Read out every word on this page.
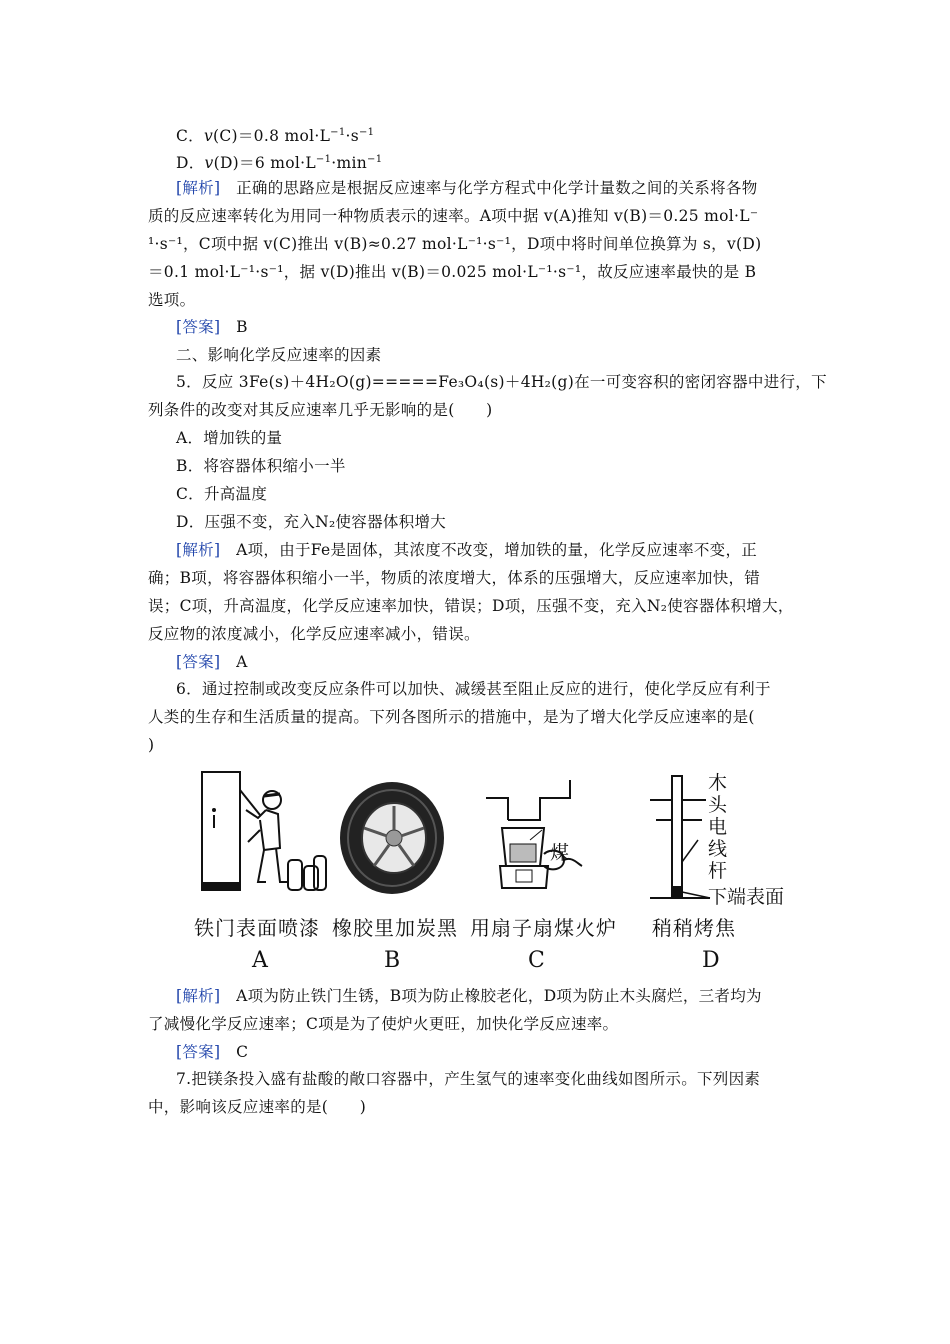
C．v(C)＝0.8 $mol\cdot L^{-1}\cdot s^{-1}$
D．v(D)＝6 $mol\cdot L^{-1}\cdot\min^{-1}$
[解析]　 正确的思路应是根据反应速率与化学方程式中化学计量数之间的关系将各物
质的反应速率转化为用同一种物质表示的速率。A项中据 v(A)推知 v(B)＝0.25 mol·L⁻
¹·s⁻¹，C项中据 v(C)推出 v(B)≈0.27 mol·L⁻¹·s⁻¹，D项中将时间单位换算为 s，v(D)
＝0.1 mol·L⁻¹·s⁻¹，据 v(D)推出 v(B)＝0.025 mol·L⁻¹·s⁻¹，故反应速率最快的是 B
选项。
[答案]　 B
二、影响化学反应速率的因素
5．反应 3Fe(s)＋4H₂O(g)=====Fe₃O₄(s)＋4H₂(g)在一可变容积的密闭容器中进行，下
列条件的改变对其反应速率几乎无影响的是(　　)
A．增加铁的量
B．将容器体积缩小一半
C．升高温度
D．压强不变，充入N₂使容器体积增大
[解析]　 A项，由于Fe是固体，其浓度不改变，增加铁的量，化学反应速率不变，正
确；B项，将容器体积缩小一半，物质的浓度增大，体系的压强增大，反应速率加快，错
误；C项，升高温度，化学反应速率加快，错误；D项，压强不变，充入N₂使容器体积增大，
反应物的浓度减小，化学反应速率减小，错误。
[答案]　 A
6．通过控制或改变反应条件可以加快、减缓甚至阻止反应的进行，使化学反应有利于
人类的生存和生活质量的提高。下列各图所示的措施中，是为了增大化学反应速率的是(
)
铁门表面喷漆
A
橡胶里加炭黑
B
煤
用扇子扇煤火炉
C
木
头
电
线
杆
下端表面
稍稍烤焦
D
[解析]　 A项为防止铁门生锈，B项为防止橡胶老化，D项为防止木头腐烂，三者均为
了减慢化学反应速率；C项是为了使炉火更旺，加快化学反应速率。
[答案]　 C
7.把镁条投入盛有盐酸的敞口容器中，产生氢气的速率变化曲线如图所示。下列因素
中，影响该反应速率的是(　　)
